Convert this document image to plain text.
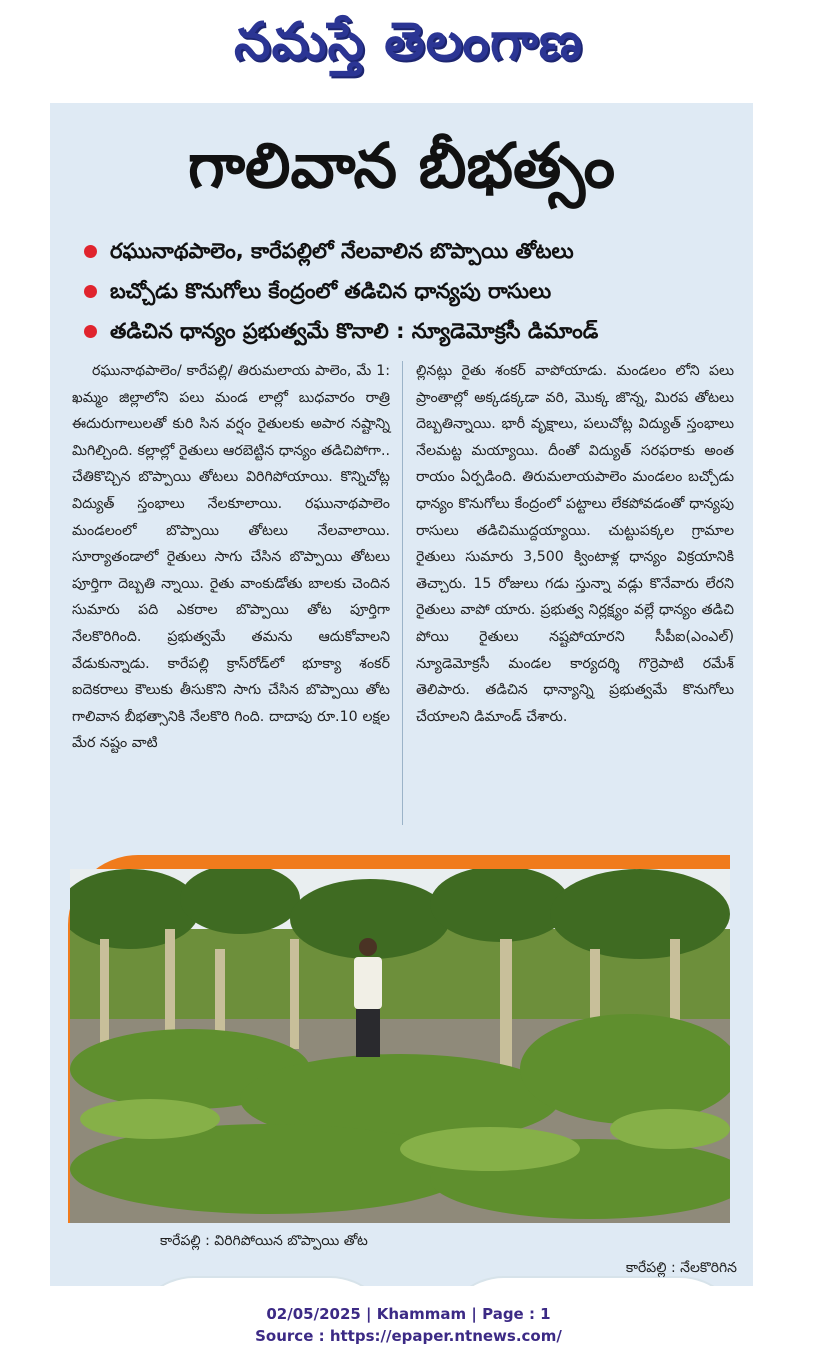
నమస్తే తెలంగాణ
గాలివాన బీభత్సం
రఘునాథపాలెం, కారేపల్లిలో నేలవాలిన బొప్పాయి తోటలు
బచ్చోడు కొనుగోలు కేంద్రంలో తడిచిన ధాన్యపు రాసులు
తడిచిన ధాన్యం ప్రభుత్వమే కొనాలి : న్యూడెమోక్రసీ డిమాండ్
రఘునాథపాలెం/ కారేపల్లి/ తిరుమలాయ పాలెం, మే 1: ఖమ్మం జిల్లాలోని పలు మండ లాల్లో బుధవారం రాత్రి ఈదురుగాలులతో కురి సిన వర్షం రైతులకు అపార నష్టాన్ని మిగిల్చింది. కల్లాల్లో రైతులు ఆరబెట్టిన ధాన్యం తడిచిపోగా.. చేతికొచ్చిన బొప్పాయి తోటలు విరిగిపోయాయి. కొన్నిచోట్ల విద్యుత్ స్తంభాలు నేలకూలాయి. రఘునాథపాలెం మండలంలో బొప్పాయి తోటలు నేలవాలాయి. సూర్యాతండాలో రైతులు సాగు చేసిన బొప్పాయి తోటలు పూర్తిగా దెబ్బతి న్నాయి. రైతు వాంకుడోతు బాలకు చెందిన సుమారు పది ఎకరాల బొప్పాయి తోట పూర్తిగా నేలకొరిగింది. ప్రభుత్వమే తమను ఆదుకోవాలని వేడుకున్నాడు. కారేపల్లి క్రాస్‌రోడ్‌లో భూక్యా శంకర్ ఐదెకరాలు కౌలుకు తీసుకొని సాగు చేసిన బొప్పాయి తోట గాలివాన బీభత్సానికి నేలకొరి గింది. దాదాపు రూ.10 లక్షల మేర నష్టం వాటి
ల్లినట్లు రైతు శంకర్ వాపోయాడు. మండలం లోని పలు ప్రాంతాల్లో అక్కడక్కడా వరి, మొక్క జొన్న, మిరప తోటలు దెబ్బతిన్నాయి. భారీ వృక్షాలు, పలుచోట్ల విద్యుత్ స్తంభాలు నేలమట్ట మయ్యాయి. దీంతో విద్యుత్ సరఫరాకు అంత రాయం ఏర్పడింది. తిరుమలాయపాలెం మండలం బచ్చోడు ధాన్యం కొనుగోలు కేంద్రంలో పట్టాలు లేకపోవడంతో ధాన్యపు రాసులు తడిచిముద్దయ్యాయి. చుట్టుపక్కల గ్రామాల రైతులు సుమారు 3,500 క్వింటాళ్ల ధాన్యం విక్రయానికి తెచ్చారు. 15 రోజులు గడు స్తున్నా వడ్లు కొనేవారు లేరని రైతులు వాపో యారు. ప్రభుత్వ నిర్లక్ష్యం వల్లే ధాన్యం తడిచి పోయి రైతులు నష్టపోయారని సీపీఐ(ఎంఎల్) న్యూడెమోక్రసీ మండల కార్యదర్శి గొర్రెపాటి రమేశ్ తెలిపారు. తడిచిన ధాన్యాన్ని ప్రభుత్వమే కొనుగోలు చేయాలని డిమాండ్ చేశారు.
కారేపల్లి : విరిగిపోయిన బొప్పాయి తోట
కారేపల్లి : నేలకొరిగిన
02/05/2025 | Khammam | Page : 1
Source : https://epaper.ntnews.com/
